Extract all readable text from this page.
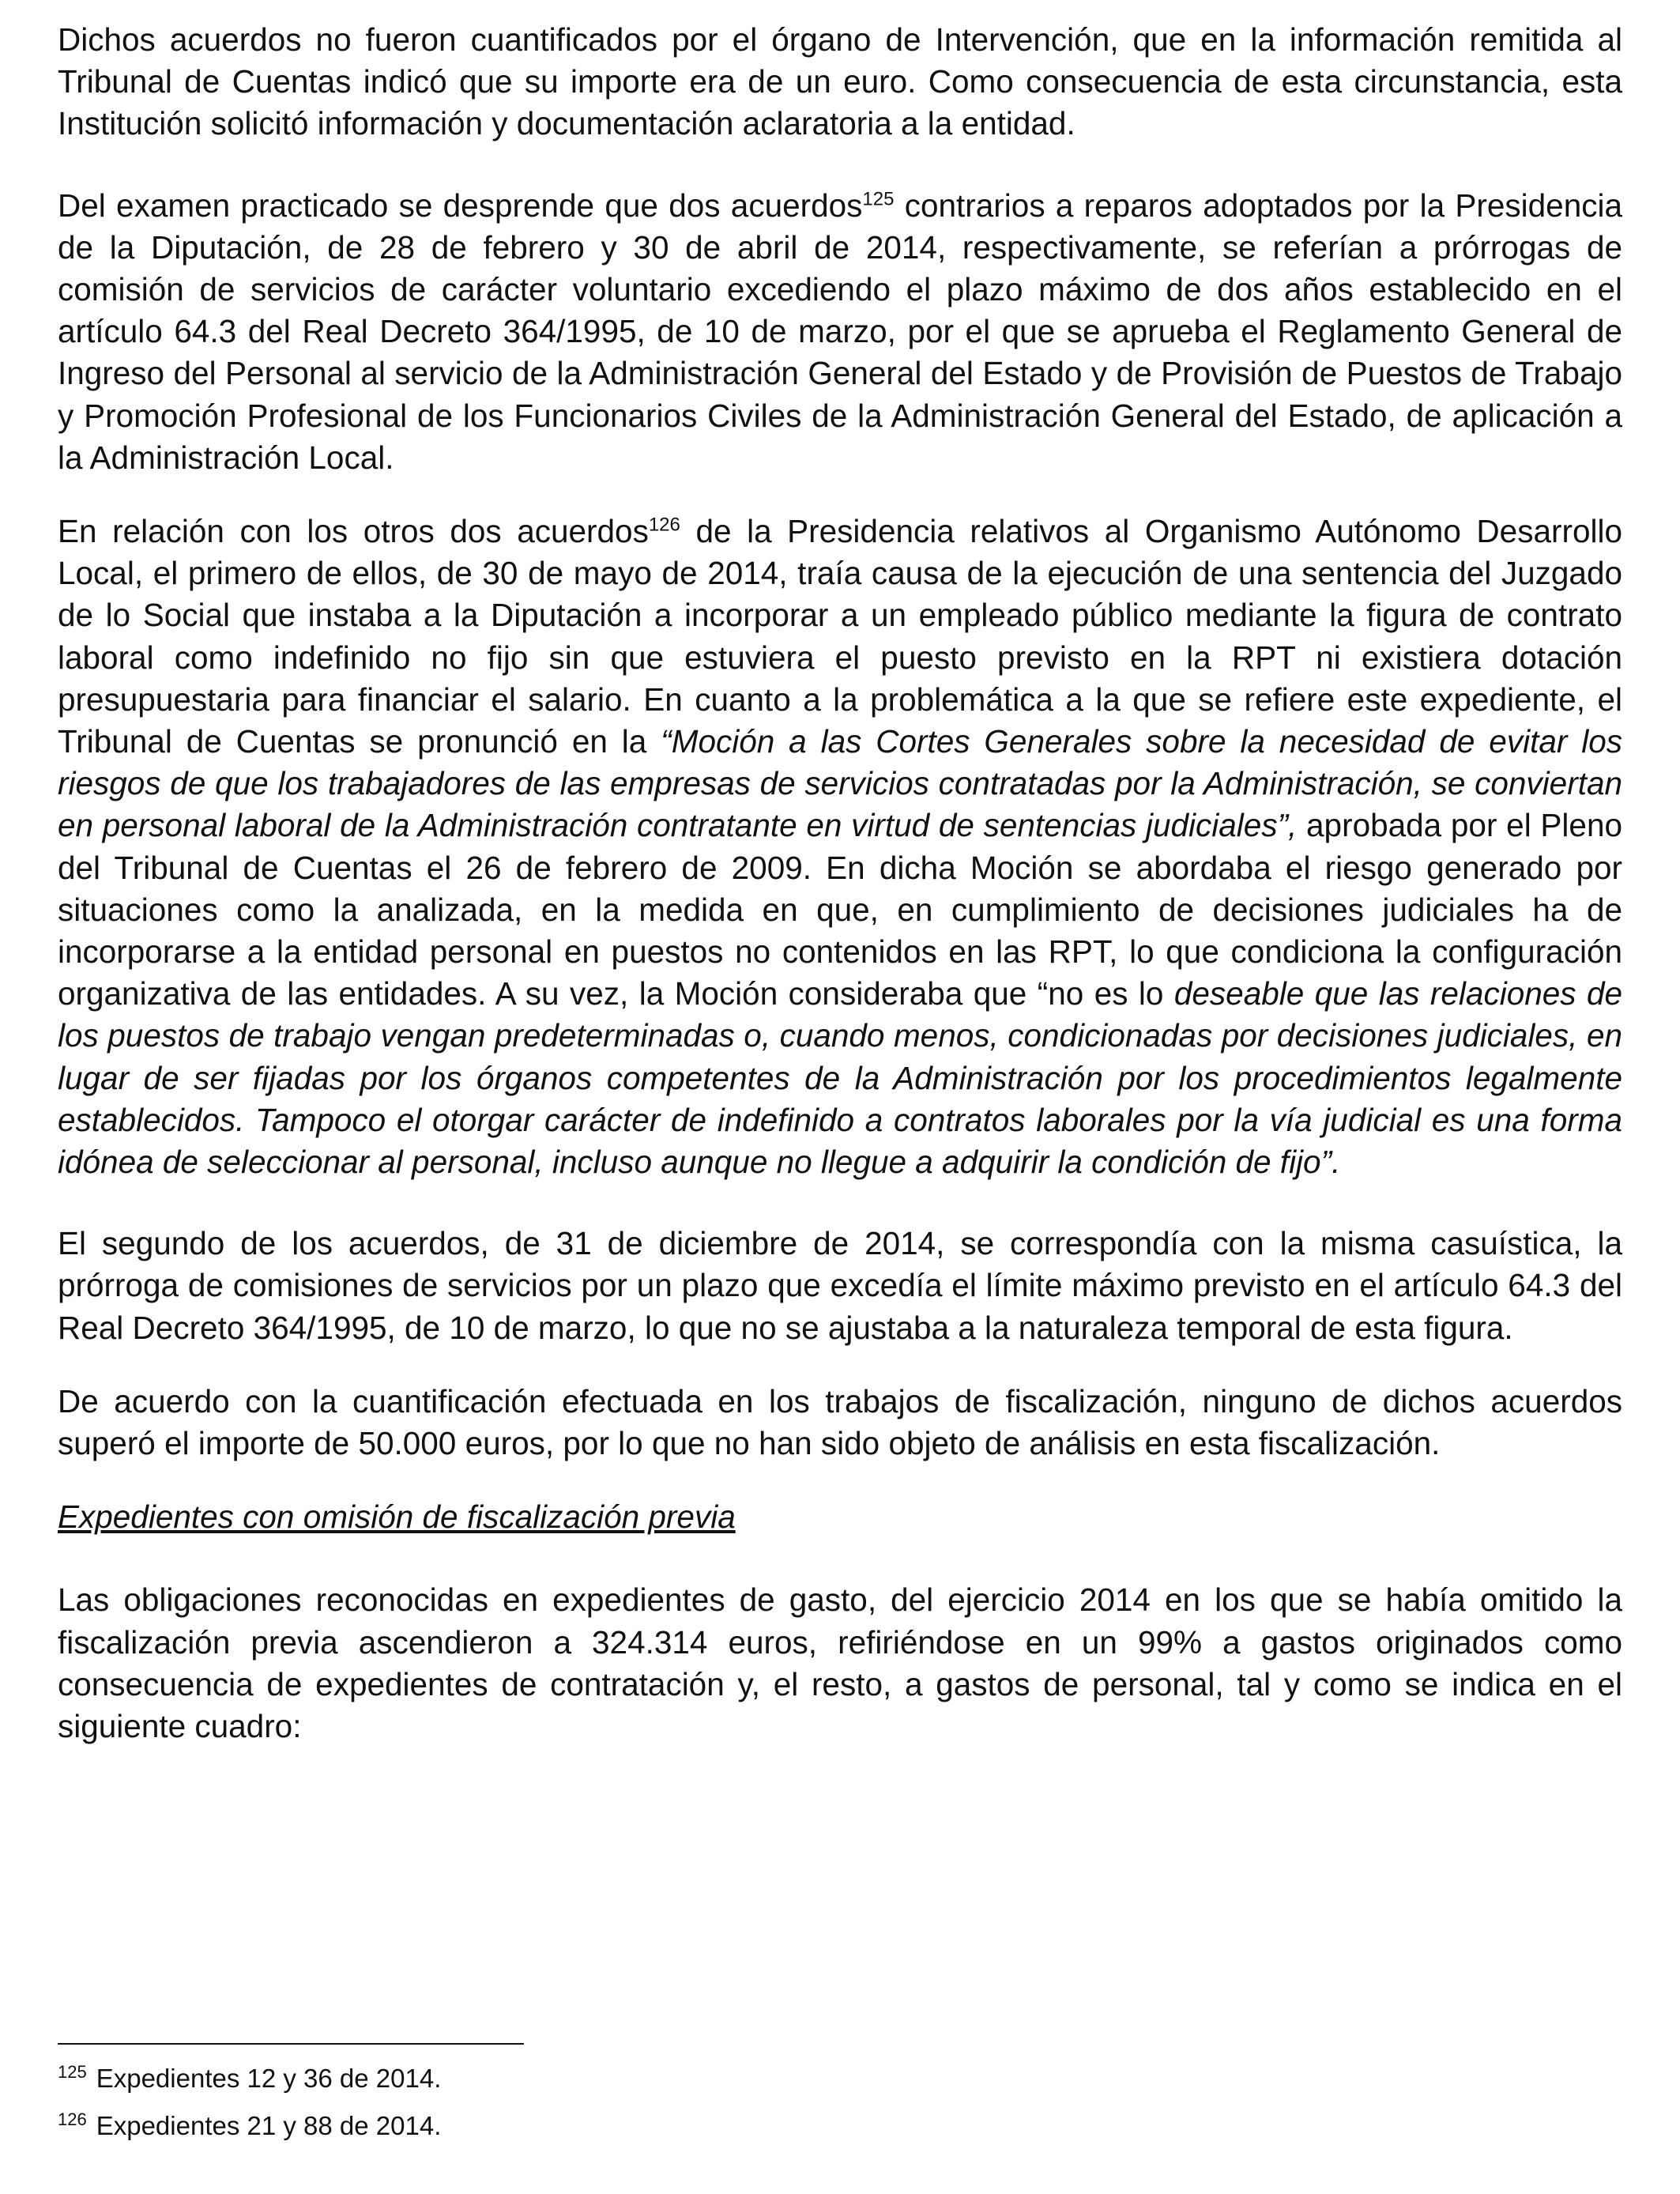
Dichos acuerdos no fueron cuantificados por el órgano de Intervención, que en la información remitida al Tribunal de Cuentas indicó que su importe era de un euro. Como consecuencia de esta circunstancia, esta Institución solicitó información y documentación aclaratoria a la entidad.

Del examen practicado se desprende que dos acuerdos$^{125}$ contrarios a reparos adoptados por la Presidencia de la Diputación, de 28 de febrero y 30 de abril de 2014, respectivamente, se referían a prórrogas de comisión de servicios de carácter voluntario excediendo el plazo máximo de dos años establecido en el artículo 64.3 del Real Decreto 364/1995, de 10 de marzo, por el que se aprueba el Reglamento General de Ingreso del Personal al servicio de la Administración General del Estado y de Provisión de Puestos de Trabajo y Promoción Profesional de los Funcionarios Civiles de la Administración General del Estado, de aplicación a la Administración Local.

En relación con los otros dos acuerdos$^{126}$ de la Presidencia relativos al Organismo Autónomo Desarrollo Local, el primero de ellos, de 30 de mayo de 2014, traía causa de la ejecución de una sentencia del Juzgado de lo Social que instaba a la Diputación a incorporar a un empleado público mediante la figura de contrato laboral como indefinido no fijo sin que estuviera el puesto previsto en la RPT ni existiera dotación presupuestaria para financiar el salario. En cuanto a la problemática a la que se refiere este expediente, el Tribunal de Cuentas se pronunció en la “Moción a las Cortes Generales sobre la necesidad de evitar los riesgos de que los trabajadores de las empresas de servicios contratadas por la Administración, se conviertan en personal laboral de la Administración contratante en virtud de sentencias judiciales”, aprobada por el Pleno del Tribunal de Cuentas el 26 de febrero de 2009. En dicha Moción se abordaba el riesgo generado por situaciones como la analizada, en la medida en que, en cumplimiento de decisiones judiciales ha de incorporarse a la entidad personal en puestos no contenidos en las RPT, lo que condiciona la configuración organizativa de las entidades. A su vez, la Moción consideraba que “no es lo deseable que las relaciones de los puestos de trabajo vengan predeterminadas o, cuando menos, condicionadas por decisiones judiciales, en lugar de ser fijadas por los órganos competentes de la Administración por los procedimientos legalmente establecidos. Tampoco el otorgar carácter de indefinido a contratos laborales por la vía judicial es una forma idónea de seleccionar al personal, incluso aunque no llegue a adquirir la condición de fijo”.

El segundo de los acuerdos, de 31 de diciembre de 2014, se correspondía con la misma casuística, la prórroga de comisiones de servicios por un plazo que excedía el límite máximo previsto en el artículo 64.3 del Real Decreto 364/1995, de 10 de marzo, lo que no se ajustaba a la naturaleza temporal de esta figura.

De acuerdo con la cuantificación efectuada en los trabajos de fiscalización, ninguno de dichos acuerdos superó el importe de 50.000 euros, por lo que no han sido objeto de análisis en esta fiscalización.

Expedientes con omisión de fiscalización previa

Las obligaciones reconocidas en expedientes de gasto, del ejercicio 2014 en los que se había omitido la fiscalización previa ascendieron a 324.314 euros, refiriéndose en un 99% a gastos originados como consecuencia de expedientes de contratación y, el resto, a gastos de personal, tal y como se indica en el siguiente cuadro:

$^{125}$ Expedientes 12 y 36 de 2014.
$^{126}$ Expedientes 21 y 88 de 2014.
